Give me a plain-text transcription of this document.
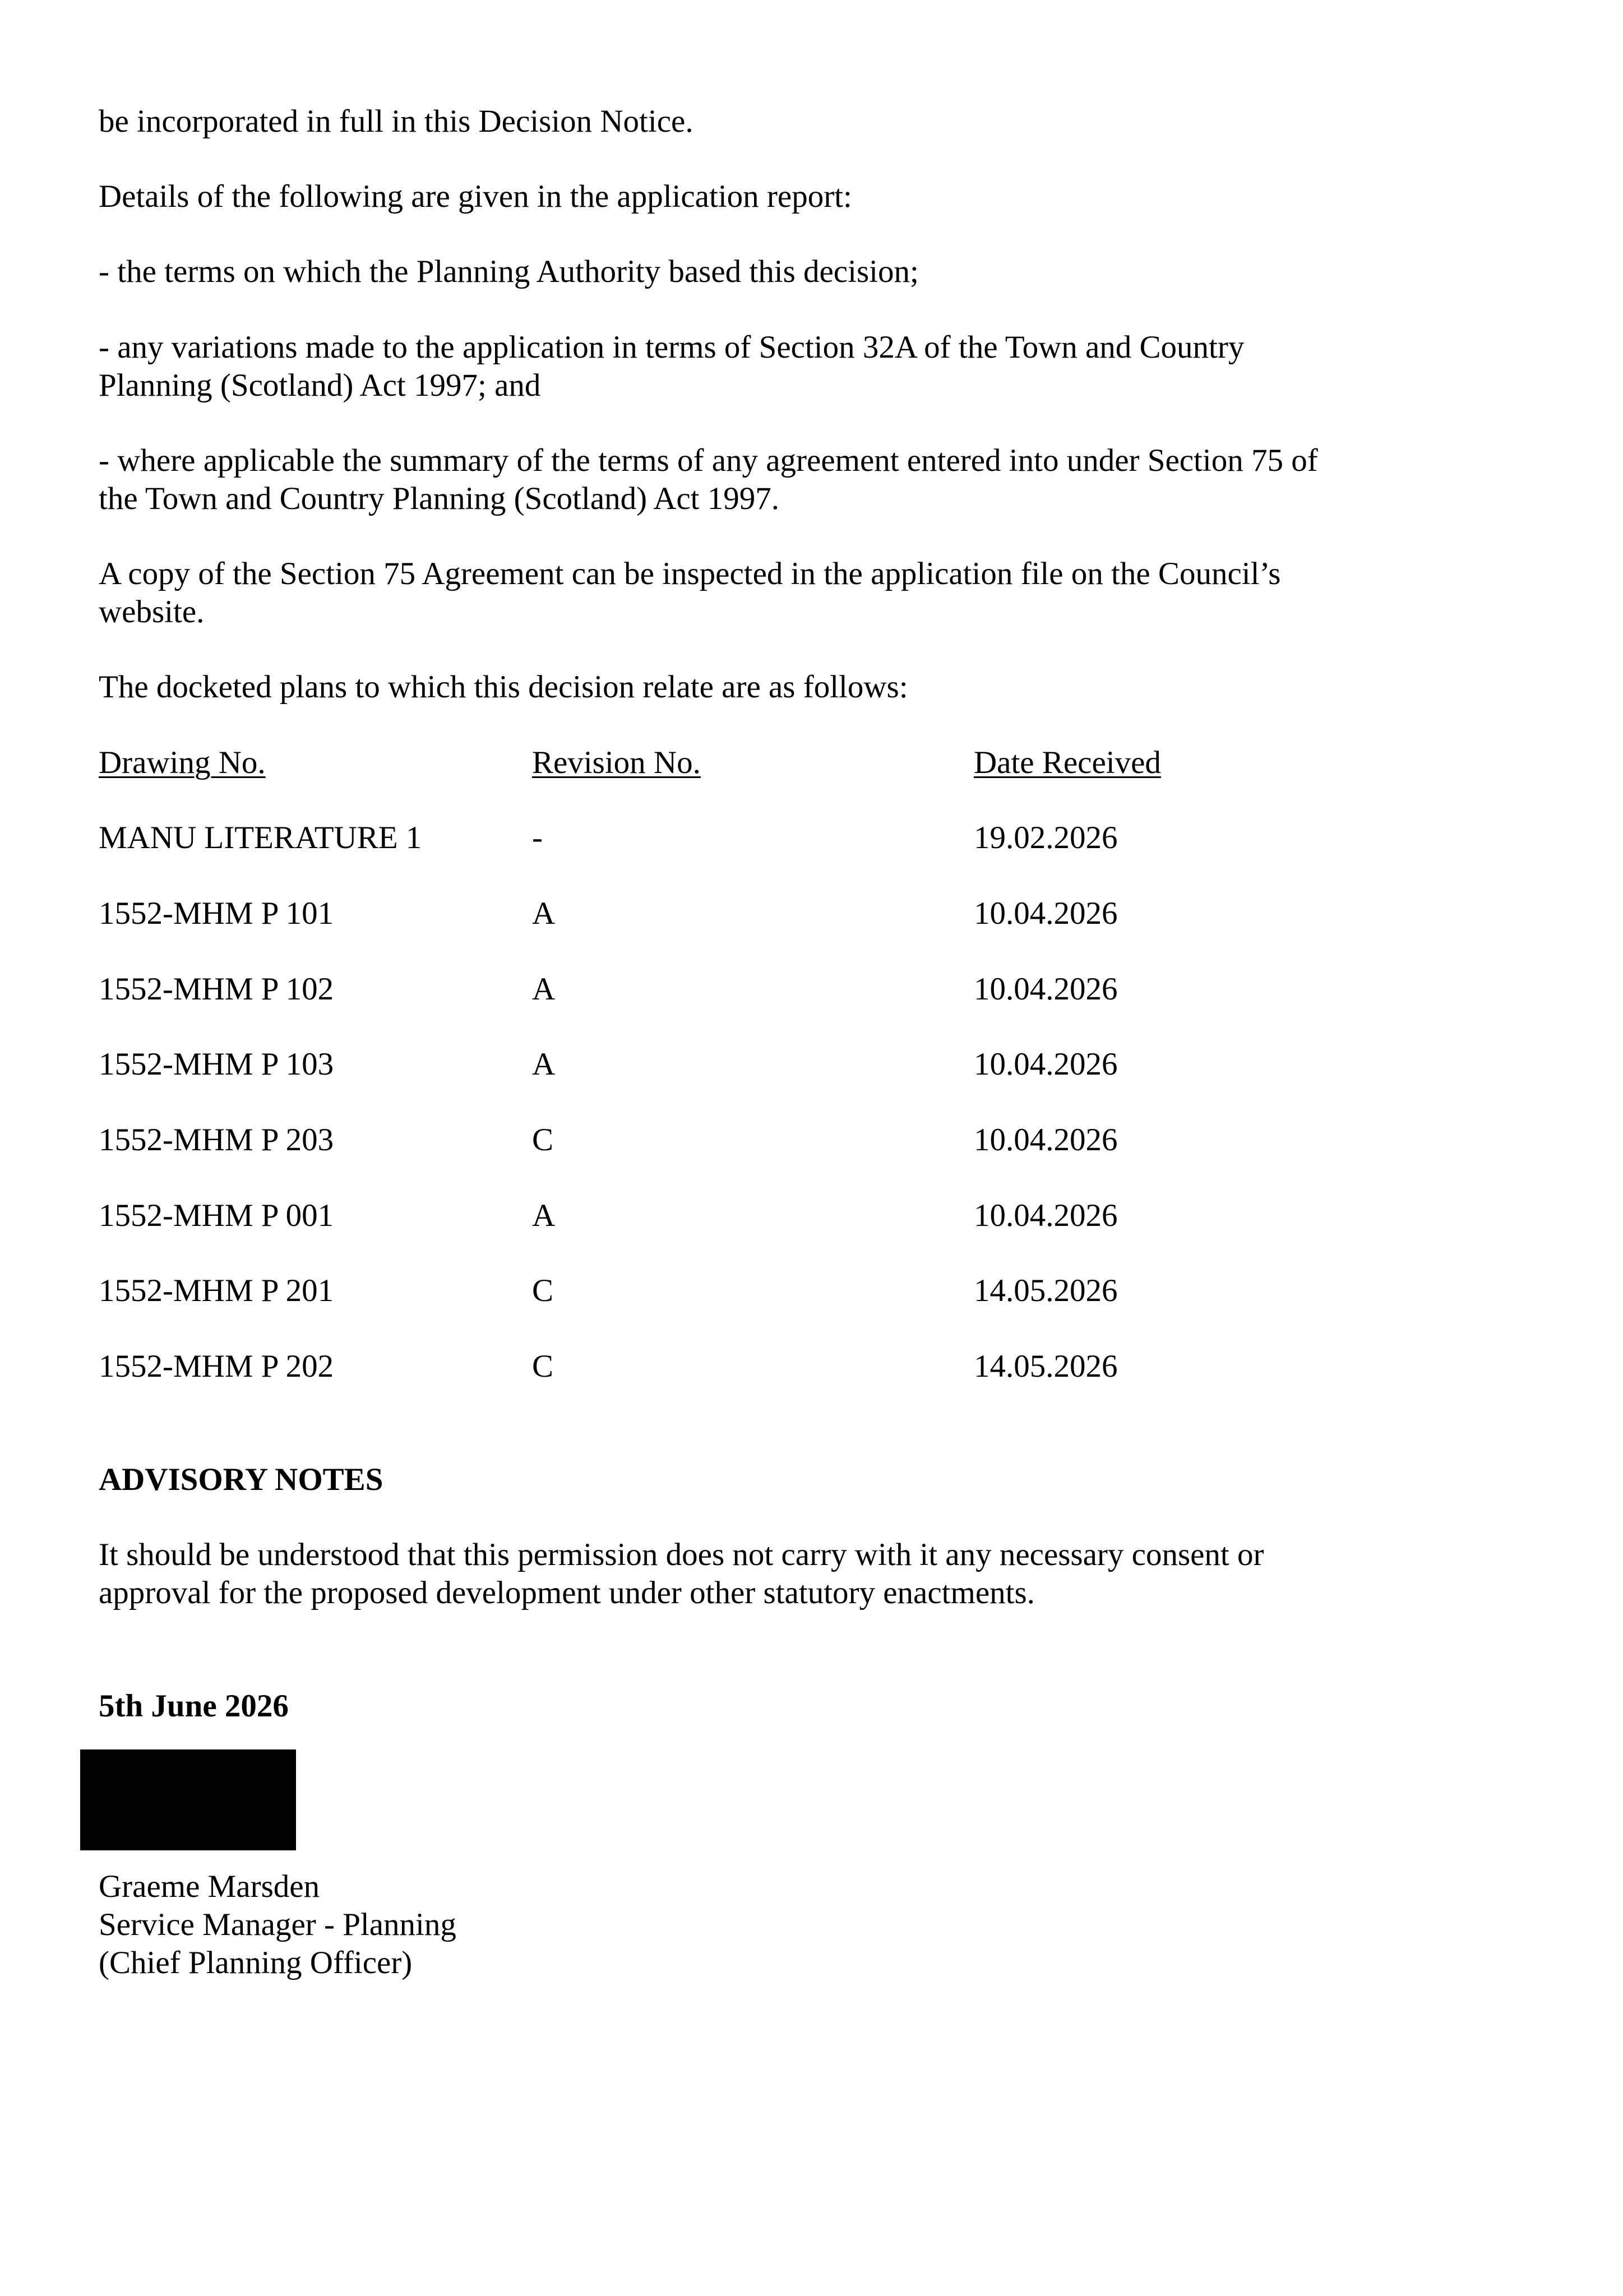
be incorporated in full in this Decision Notice.

Details of the following are given in the application report:

- the terms on which the Planning Authority based this decision;

- any variations made to the application in terms of Section 32A of the Town and Country
Planning (Scotland) Act 1997; and

- where applicable the summary of the terms of any agreement entered into under Section 75 of
the Town and Country Planning (Scotland) Act 1997.

A copy of the Section 75 Agreement can be inspected in the application file on the Council’s
website.

The docketed plans to which this decision relate are as follows:

Drawing No.	Revision No.	Date Received
MANU LITERATURE 1	-	19.02.2026
1552-MHM P 101	A	10.04.2026
1552-MHM P 102	A	10.04.2026
1552-MHM P 103	A	10.04.2026
1552-MHM P 203	C	10.04.2026
1552-MHM P 001	A	10.04.2026
1552-MHM P 201	C	14.05.2026
1552-MHM P 202	C	14.05.2026

ADVISORY NOTES

It should be understood that this permission does not carry with it any necessary consent or
approval for the proposed development under other statutory enactments.

5th June 2026

Graeme Marsden
Service Manager - Planning
(Chief Planning Officer)
